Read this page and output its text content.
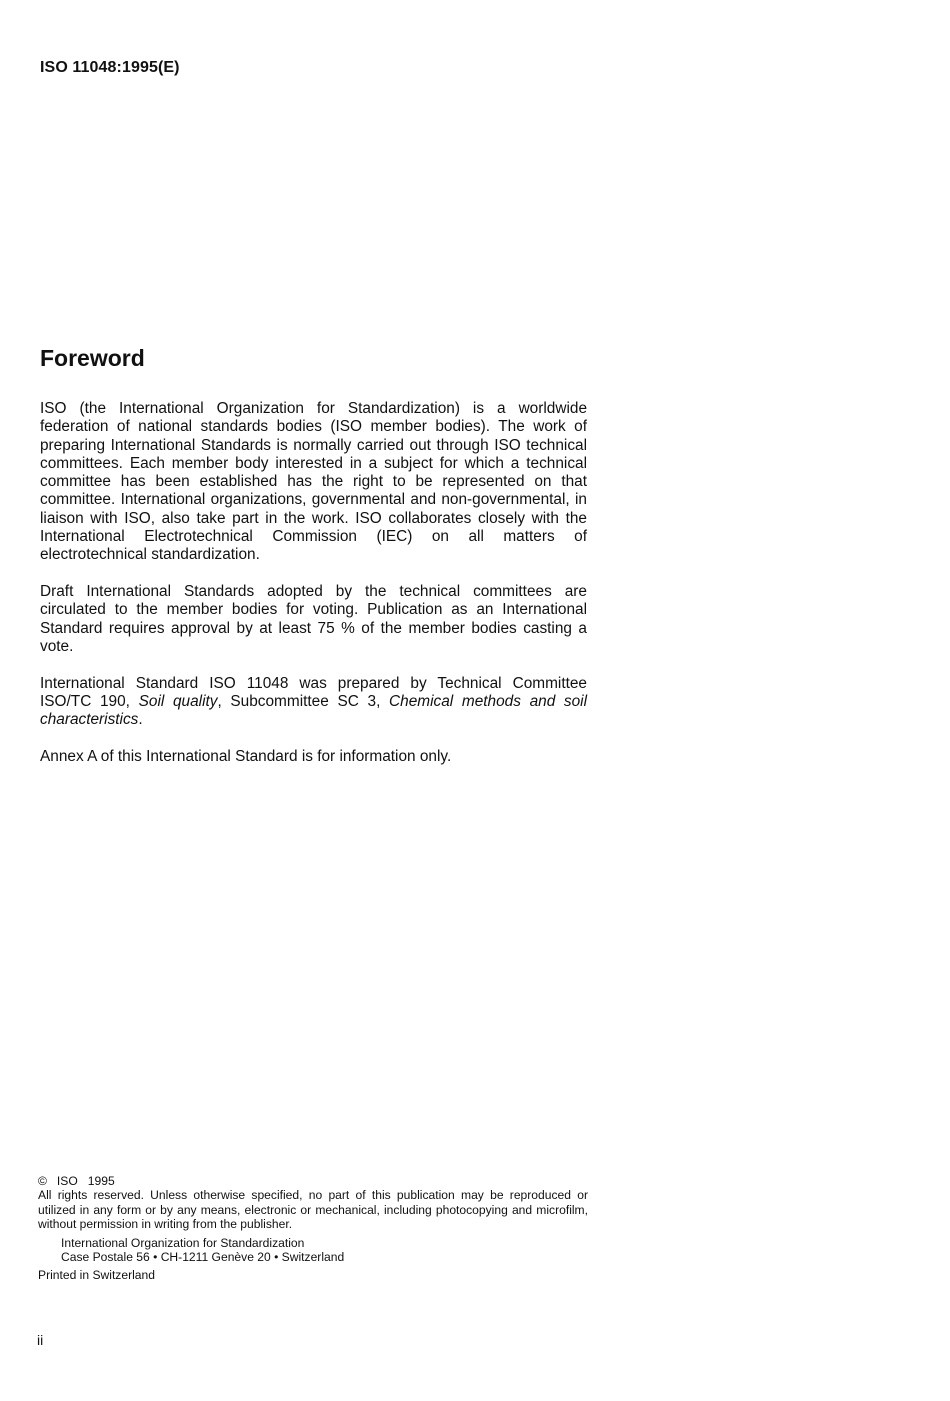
ISO 11048:1995(E)
Foreword

ISO (the International Organization for Standardization) is a worldwide federation of national standards bodies (ISO member bodies). The work of preparing International Standards is normally carried out through ISO technical committees. Each member body interested in a subject for which a technical committee has been established has the right to be represented on that committee. International organizations, governmental and non-governmental, in liaison with ISO, also take part in the work. ISO collaborates closely with the International Electrotechnical Commission (IEC) on all matters of electrotechnical standardization.

Draft International Standards adopted by the technical committees are circulated to the member bodies for voting. Publication as an International Standard requires approval by at least 75 % of the member bodies casting a vote.

International Standard ISO 11048 was prepared by Technical Committee ISO/TC 190, Soil quality, Subcommittee SC 3, Chemical methods and soil characteristics.

Annex A of this International Standard is for information only.

© ISO 1995
All rights reserved. Unless otherwise specified, no part of this publication may be reproduced or utilized in any form or by any means, electronic or mechanical, including photocopying and microfilm, without permission in writing from the publisher.
International Organization for Standardization
Case Postale 56 • CH-1211 Genève 20 • Switzerland
Printed in Switzerland
ii
